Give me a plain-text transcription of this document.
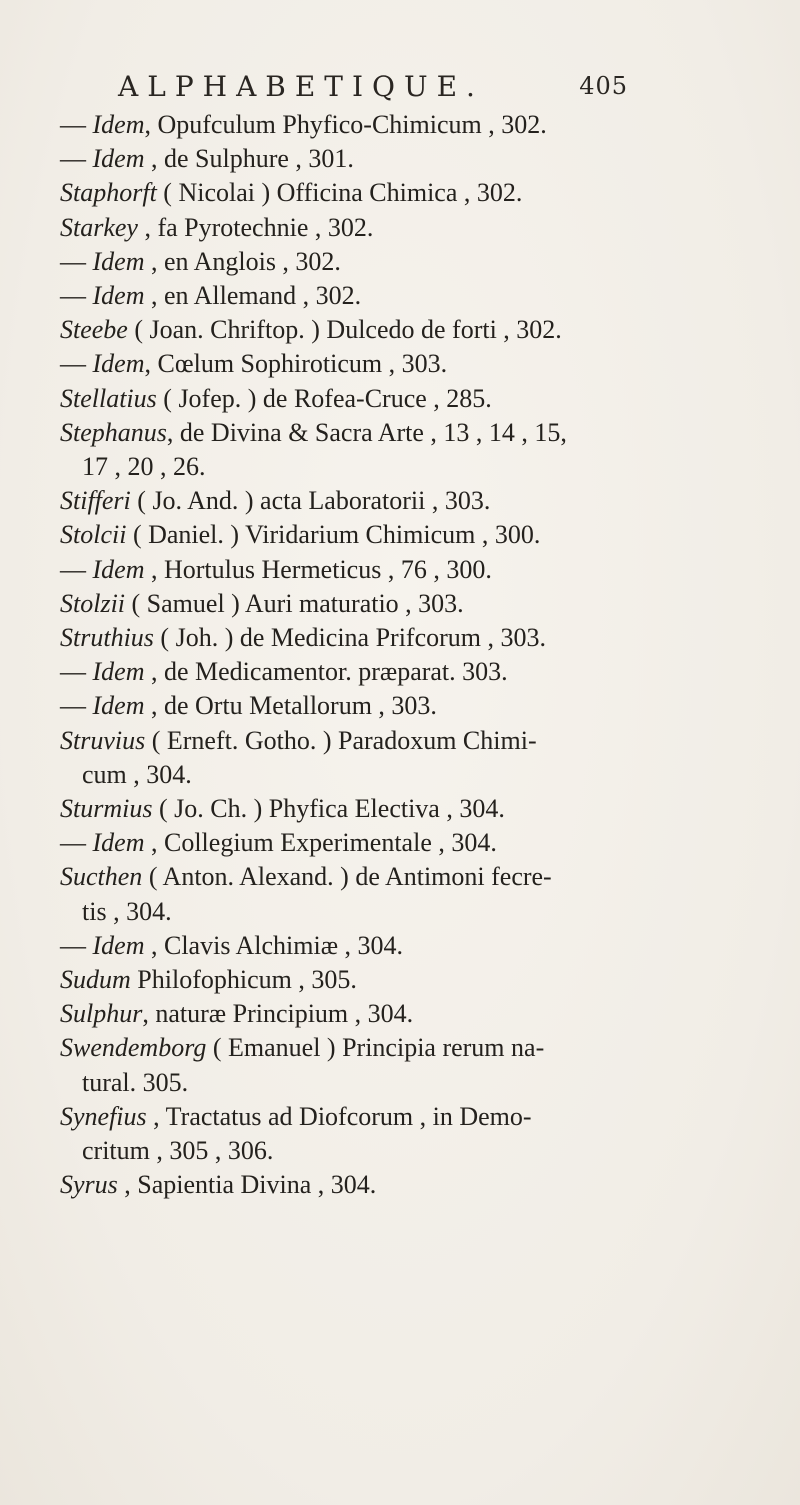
ALPHABETIQUE.	405
— Idem, Opufculum Phyfico-Chimicum , 302.
— Idem , de Sulphure , 301.
Staphorft ( Nicolai ) Officina Chimica , 302.
Starkey , fa Pyrotechnie , 302.
— Idem , en Anglois , 302.
— Idem , en Allemand , 302.
Steebe ( Joan. Chriftop. ) Dulcedo de forti , 302.
— Idem, Cœlum Sophiroticum , 303.
Stellatius ( Jofep. ) de Rofea-Cruce , 285.
Stephanus, de Divina & Sacra Arte , 13 , 14 , 15,
17 , 20 , 26.
Stifferi ( Jo. And. ) acta Laboratorii , 303.
Stolcii ( Daniel. ) Viridarium Chimicum , 300.
— Idem , Hortulus Hermeticus , 76 , 300.
Stolzii ( Samuel ) Auri maturatio , 303.
Struthius ( Joh. ) de Medicina Prifcorum , 303.
— Idem , de Medicamentor. præparat. 303.
— Idem , de Ortu Metallorum , 303.
Struvius ( Erneft. Gotho. ) Paradoxum Chimi-
cum , 304.
Sturmius ( Jo. Ch. ) Phyfica Electiva , 304.
— Idem , Collegium Experimentale , 304.
Sucthen ( Anton. Alexand. ) de Antimoni fecre-
tis , 304.
— Idem , Clavis Alchimiæ , 304.
Sudum Philofophicum , 305.
Sulphur, naturæ Principium , 304.
Swendemborg ( Emanuel ) Principia rerum na-
tural. 305.
Synefius , Tractatus ad Diofcorum , in Demo-
critum , 305 , 306.
Syrus , Sapientia Divina , 304.
